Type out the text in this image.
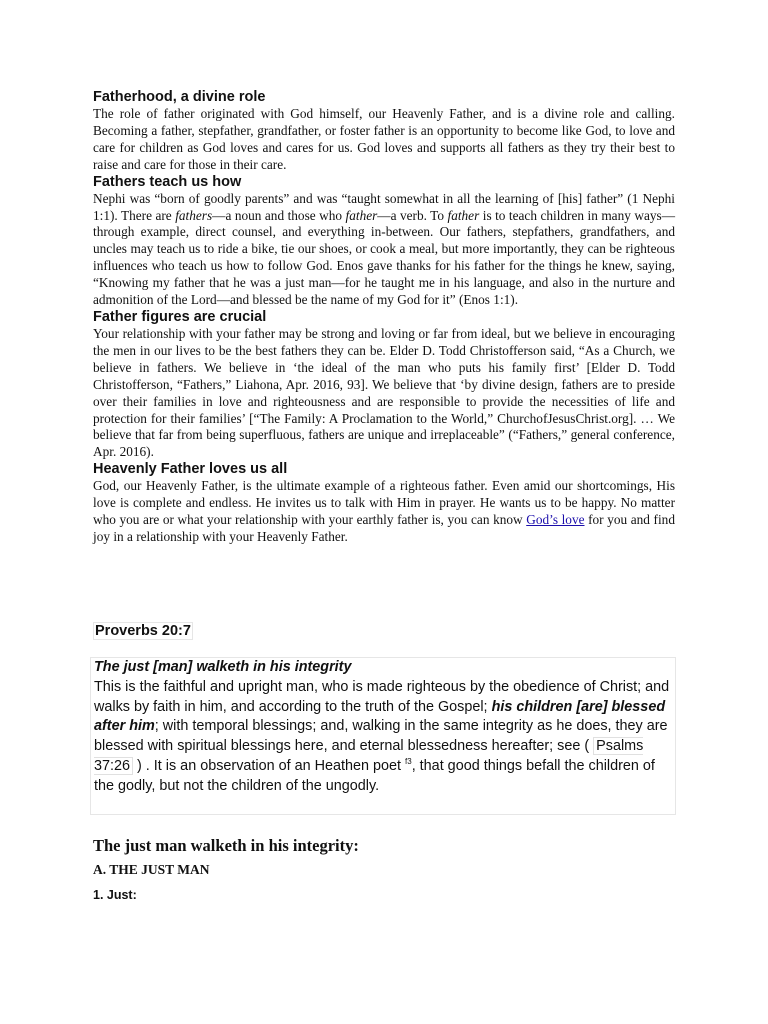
Fatherhood, a divine role

The role of father originated with God himself, our Heavenly Father, and is a divine role and calling. Becoming a father, stepfather, grandfather, or foster father is an opportunity to become like God, to love and care for children as God loves and cares for us. God loves and supports all fathers as they try their best to raise and care for those in their care.

Fathers teach us how

Nephi was “born of goodly parents” and was “taught somewhat in all the learning of [his] father” (1 Nephi 1:1). There are fathers—a noun and those who father—a verb. To father is to teach children in many ways—through example, direct counsel, and everything in-between. Our fathers, stepfathers, grandfathers, and uncles may teach us to ride a bike, tie our shoes, or cook a meal, but more importantly, they can be righteous influences who teach us how to follow God. Enos gave thanks for his father for the things he knew, saying, “Knowing my father that he was a just man—for he taught me in his language, and also in the nurture and admonition of the Lord—and blessed be the name of my God for it” (Enos 1:1).

Father figures are crucial

Your relationship with your father may be strong and loving or far from ideal, but we believe in encouraging the men in our lives to be the best fathers they can be. Elder D. Todd Christofferson said, “As a Church, we believe in fathers. We believe in ‘the ideal of the man who puts his family first’ [Elder D. Todd Christofferson, “Fathers,” Liahona, Apr. 2016, 93]. We believe that ‘by divine design, fathers are to preside over their families in love and righteousness and are responsible to provide the necessities of life and protection for their families’ [“The Family: A Proclamation to the World,” ChurchofJesusChrist.org]. … We believe that far from being superfluous, fathers are unique and irreplaceable” (“Fathers,” general conference, Apr. 2016).

Heavenly Father loves us all

God, our Heavenly Father, is the ultimate example of a righteous father. Even amid our shortcomings, His love is complete and endless. He invites us to talk with Him in prayer. He wants us to be happy. No matter who you are or what your relationship with your earthly father is, you can know God’s love for you and find joy in a relationship with your Heavenly Father.

Proverbs 20:7

The just [man] walketh in his integrity
This is the faithful and upright man, who is made righteous by the obedience of Christ; and walks by faith in him, and according to the truth of the Gospel; his children [are] blessed after him; with temporal blessings; and, walking in the same integrity as he does, they are blessed with spiritual blessings here, and eternal blessedness hereafter; see ( Psalms 37:26 ) . It is an observation of an Heathen poet $^{f3}$, that good things befall the children of the godly, but not the children of the ungodly.
The just man walketh in his integrity:
A. THE JUST MAN
1. Just:
